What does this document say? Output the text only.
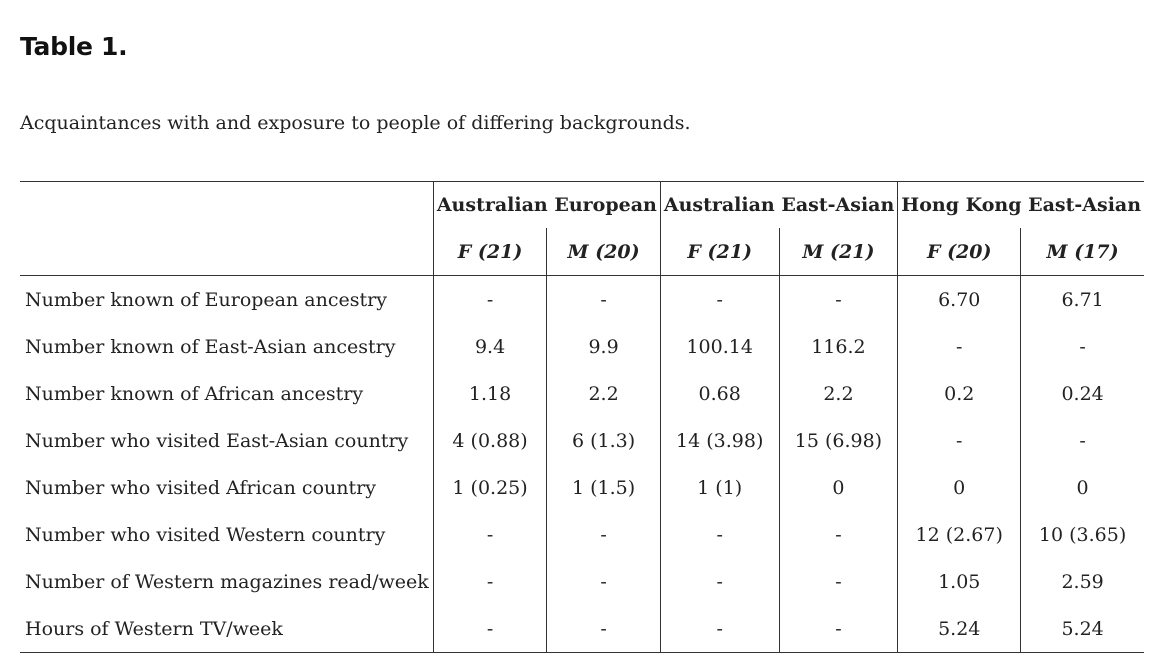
Table 1.
Acquaintances with and exposure to people of differing backgrounds.
	Australian European		Australian East-Asian		Hong Kong East-Asian	
	F (21)	M (20)	F (21)	M (21)	F (20)	M (17)
Number known of European ancestry	-	-	-	-	6.70	6.71
Number known of East-Asian ancestry	9.4	9.9	100.14	116.2	-	-
Number known of African ancestry	1.18	2.2	0.68	2.2	0.2	0.24
Number who visited East-Asian country	4 (0.88)	6 (1.3)	14 (3.98)	15 (6.98)	-	-
Number who visited African country	1 (0.25)	1 (1.5)	1 (1)	0	0	0
Number who visited Western country	-	-	-	-	12 (2.67)	10 (3.65)
Number of Western magazines read/week	-	-	-	-	1.05	2.59
Hours of Western TV/week	-	-	-	-	5.24	5.24
